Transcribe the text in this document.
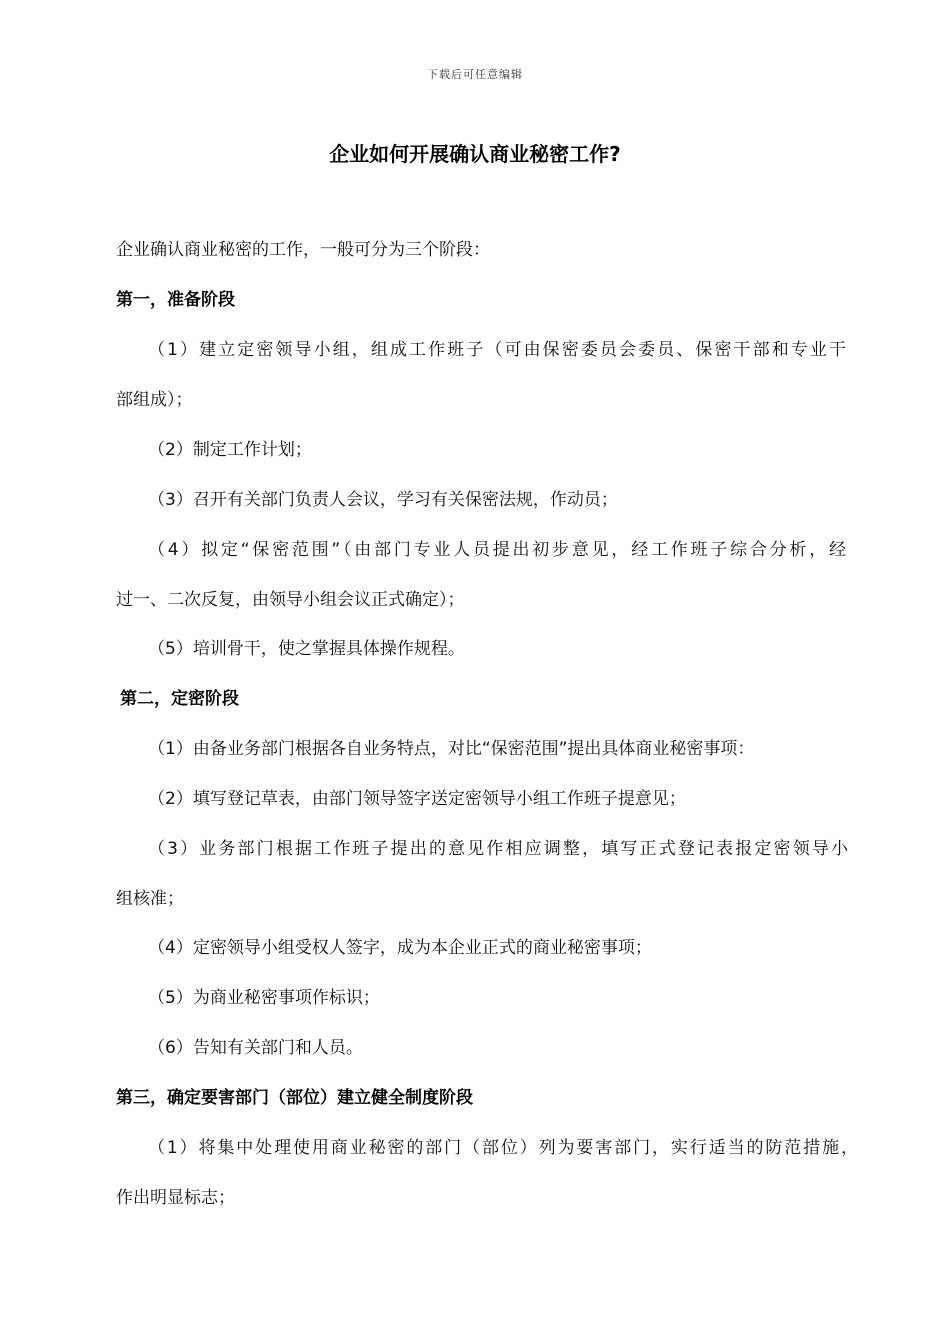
下载后可任意编辑
企业如何开展确认商业秘密工作?
企业确认商业秘密的工作，一般可分为三个阶段：
第一，准备阶段
（1）建立定密领导小组，组成工作班子（可由保密委员会委员、保密干部和专业干
部组成）；
（2）制定工作计划；
（3）召开有关部门负责人会议，学习有关保密法规，作动员；
（4）拟定“保密范围”（由部门专业人员提出初步意见，经工作班子综合分析，经
过一、二次反复，由领导小组会议正式确定）；
（5）培训骨干，使之掌握具体操作规程。
第二，定密阶段
（1）由备业务部门根据各自业务特点，对比“保密范围”提出具体商业秘密事项：
（2）填写登记草表，由部门领导签字送定密领导小组工作班子提意见；
（3）业务部门根据工作班子提出的意见作相应调整，填写正式登记表报定密领导小
组核准；
（4）定密领导小组受权人签字，成为本企业正式的商业秘密事项；
（5）为商业秘密事项作标识；
（6）告知有关部门和人员。
第三，确定要害部门（部位）建立健全制度阶段
（1）将集中处理使用商业秘密的部门（部位）列为要害部门，实行适当的防范措施，
作出明显标志；
